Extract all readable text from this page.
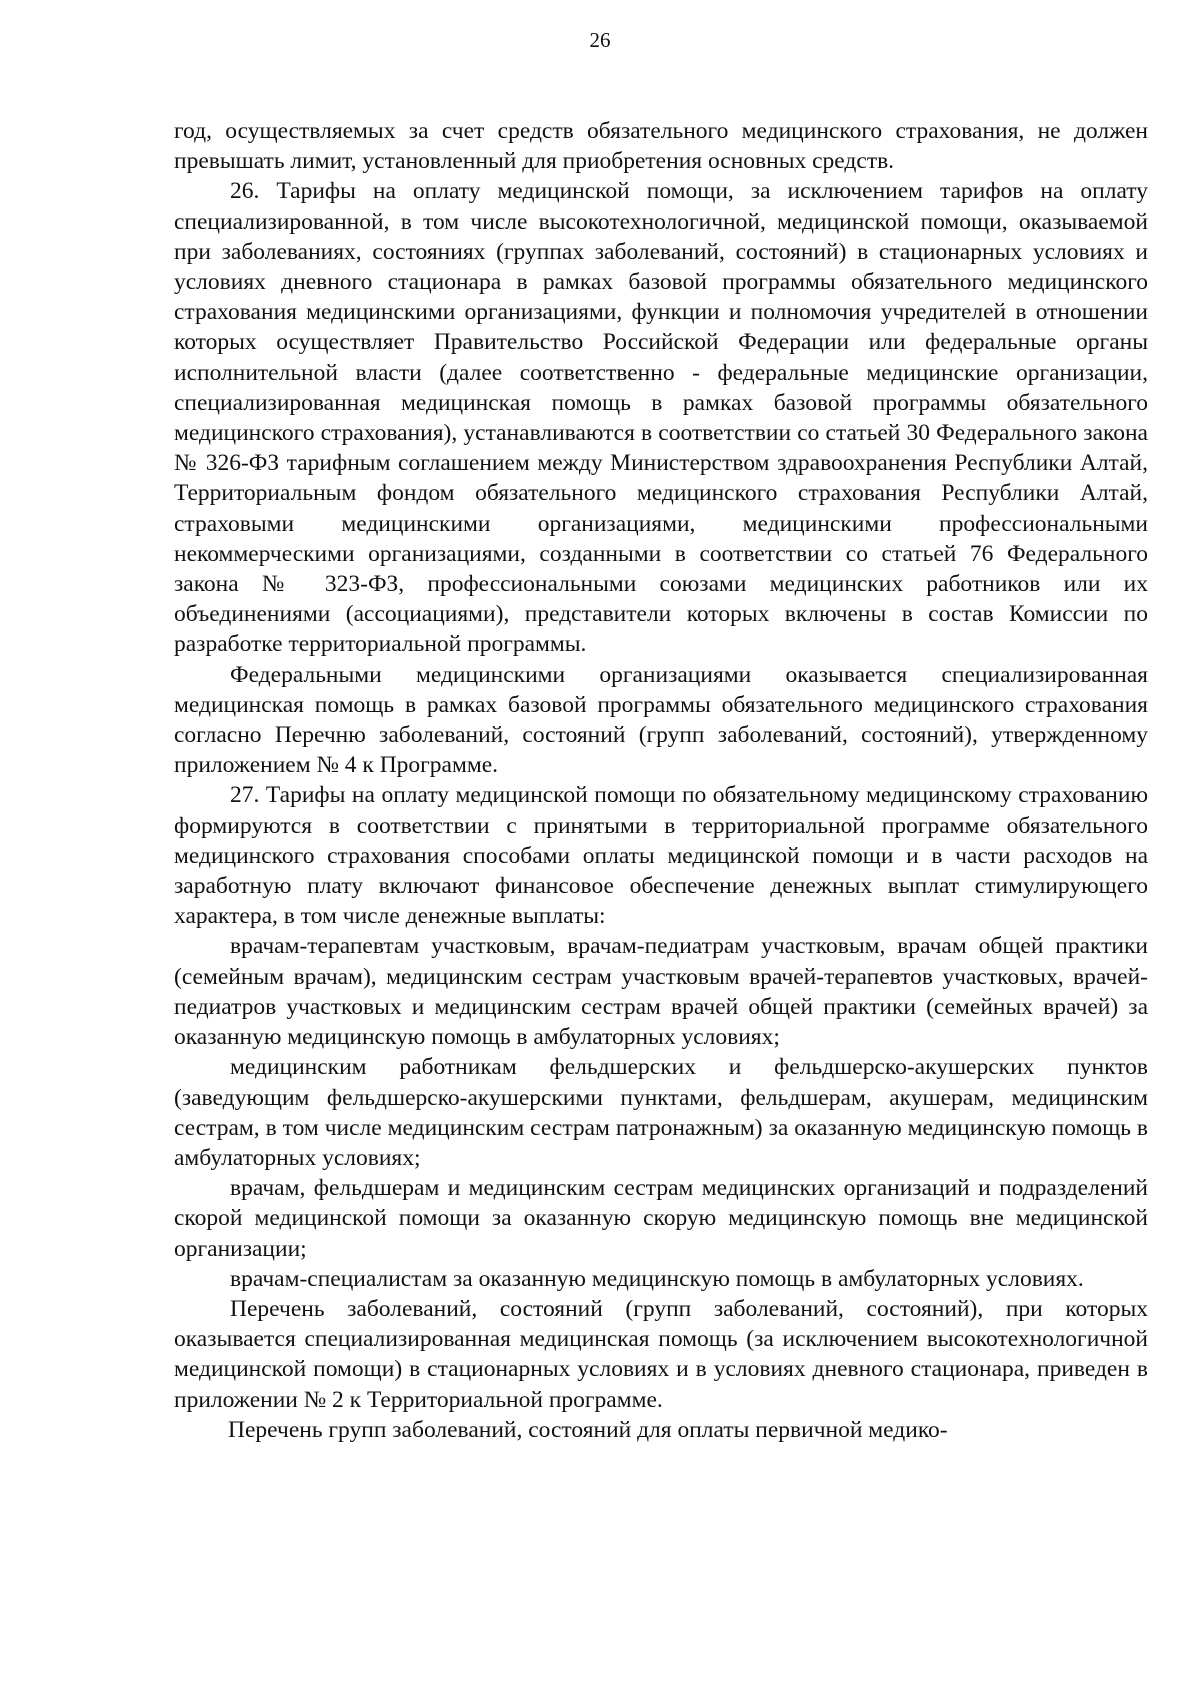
26

год, осуществляемых за счет средств обязательного медицинского страхования, не должен превышать лимит, установленный для приобретения основных средств.

26. Тарифы на оплату медицинской помощи, за исключением тарифов на оплату специализированной, в том числе высокотехнологичной, медицинской помощи, оказываемой при заболеваниях, состояниях (группах заболеваний, состояний) в стационарных условиях и условиях дневного стационара в рамках базовой программы обязательного медицинского страхования медицинскими организациями, функции и полномочия учредителей в отношении которых осуществляет Правительство Российской Федерации или федеральные органы исполнительной власти (далее соответственно - федеральные медицинские организации, специализированная медицинская помощь в рамках базовой программы обязательного медицинского страхования), устанавливаются в соответствии со статьей 30 Федерального закона № 326-ФЗ тарифным соглашением между Министерством здравоохранения Республики Алтай, Территориальным фондом обязательного медицинского страхования Республики Алтай, страховыми медицинскими организациями, медицинскими профессиональными некоммерческими организациями, созданными в соответствии со статьей 76 Федерального закона № 323-ФЗ, профессиональными союзами медицинских работников или их объединениями (ассоциациями), представители которых включены в состав Комиссии по разработке территориальной программы.

Федеральными медицинскими организациями оказывается специализированная медицинская помощь в рамках базовой программы обязательного медицинского страхования согласно Перечню заболеваний, состояний (групп заболеваний, состояний), утвержденному приложением № 4 к Программе.

27. Тарифы на оплату медицинской помощи по обязательному медицинскому страхованию формируются в соответствии с принятыми в территориальной программе обязательного медицинского страхования способами оплаты медицинской помощи и в части расходов на заработную плату включают финансовое обеспечение денежных выплат стимулирующего характера, в том числе денежные выплаты:

врачам-терапевтам участковым, врачам-педиатрам участковым, врачам общей практики (семейным врачам), медицинским сестрам участковым врачей-терапевтов участковых, врачей-педиатров участковых и медицинским сестрам врачей общей практики (семейных врачей) за оказанную медицинскую помощь в амбулаторных условиях;

медицинским работникам фельдшерских и фельдшерско-акушерских пунктов (заведующим фельдшерско-акушерскими пунктами, фельдшерам, акушерам, медицинским сестрам, в том числе медицинским сестрам патронажным) за оказанную медицинскую помощь в амбулаторных условиях;

врачам, фельдшерам и медицинским сестрам медицинских организаций и подразделений скорой медицинской помощи за оказанную скорую медицинскую помощь вне медицинской организации;

врачам-специалистам за оказанную медицинскую помощь в амбулаторных условиях.

Перечень заболеваний, состояний (групп заболеваний, состояний), при которых оказывается специализированная медицинская помощь (за исключением высокотехнологичной медицинской помощи) в стационарных условиях и в условиях дневного стационара, приведен в приложении № 2 к Территориальной программе.

Перечень групп заболеваний, состояний для оплаты первичной медико-
